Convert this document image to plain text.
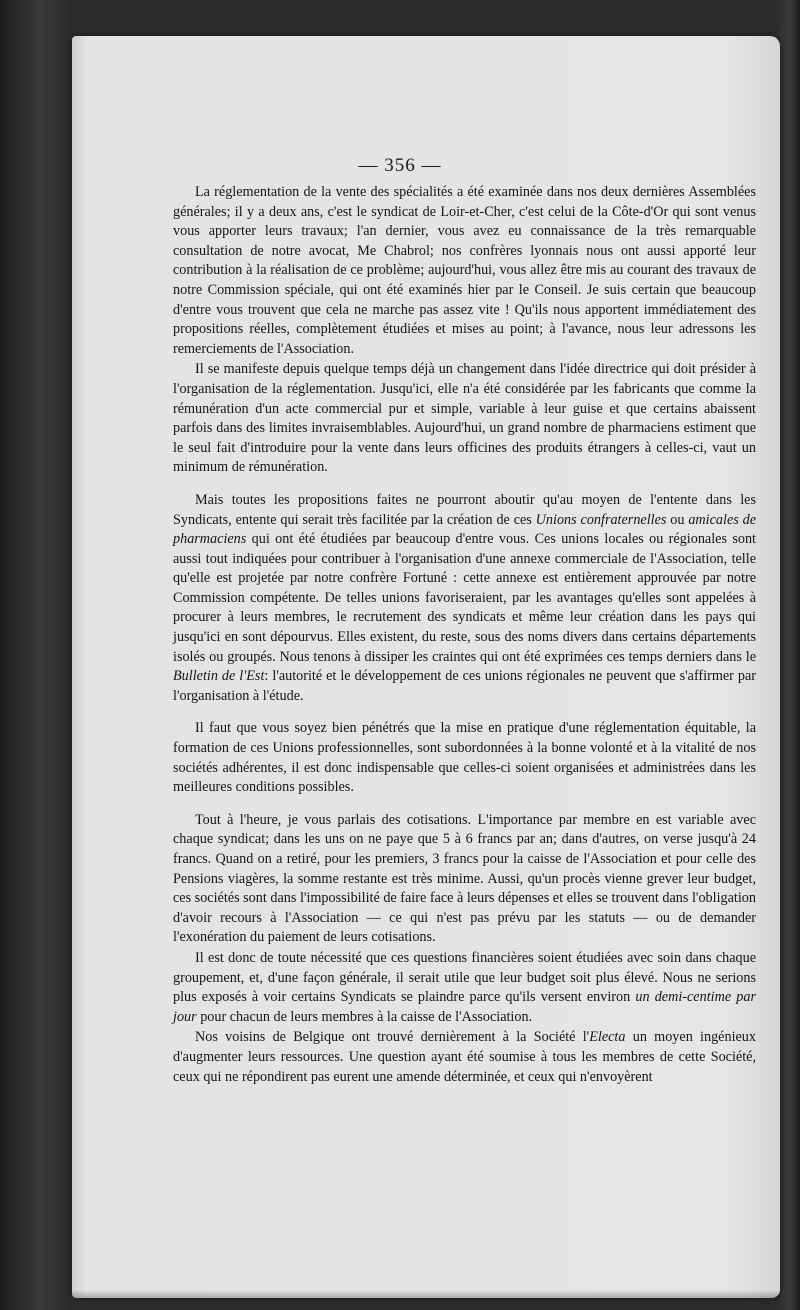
— 356 —

La réglementation de la vente des spécialités a été examinée dans nos deux dernières Assemblées générales; il y a deux ans, c'est le syndicat de Loir-et-Cher, c'est celui de la Côte-d'Or qui sont venus vous apporter leurs travaux; l'an dernier, vous avez eu connaissance de la très remarquable consultation de notre avocat, Me Chabrol; nos confrères lyonnais nous ont aussi apporté leur contribution à la réalisation de ce problème; aujourd'hui, vous allez être mis au courant des travaux de notre Commission spéciale, qui ont été examinés hier par le Conseil. Je suis certain que beaucoup d'entre vous trouvent que cela ne marche pas assez vite ! Qu'ils nous apportent immédiatement des propositions réelles, complètement étudiées et mises au point; à l'avance, nous leur adressons les remerciements de l'Association.

Il se manifeste depuis quelque temps déjà un changement dans l'idée directrice qui doit présider à l'organisation de la réglementation. Jusqu'ici, elle n'a été considérée par les fabricants que comme la rémunération d'un acte commercial pur et simple, variable à leur guise et que certains abaissent parfois dans des limites invraisemblables. Aujourd'hui, un grand nombre de pharmaciens estiment que le seul fait d'introduire pour la vente dans leurs officines des produits étrangers à celles-ci, vaut un minimum de rémunération.

Mais toutes les propositions faites ne pourront aboutir qu'au moyen de l'entente dans les Syndicats, entente qui serait très facilitée par la création de ces Unions confraternelles ou amicales de pharmaciens qui ont été étudiées par beaucoup d'entre vous. Ces unions locales ou régionales sont aussi tout indiquées pour contribuer à l'organisation d'une annexe commerciale de l'Association, telle qu'elle est projetée par notre confrère Fortuné : cette annexe est entièrement approuvée par notre Commission compétente. De telles unions favoriseraient, par les avantages qu'elles sont appelées à procurer à leurs membres, le recrutement des syndicats et même leur création dans les pays qui jusqu'ici en sont dépourvus. Elles existent, du reste, sous des noms divers dans certains départements isolés ou groupés. Nous tenons à dissiper les craintes qui ont été exprimées ces temps derniers dans le Bulletin de l'Est: l'autorité et le développement de ces unions régionales ne peuvent que s'affirmer par l'organisation à l'étude.

Il faut que vous soyez bien pénétrés que la mise en pratique d'une réglementation équitable, la formation de ces Unions professionnelles, sont subordonnées à la bonne volonté et à la vitalité de nos sociétés adhérentes, il est donc indispensable que celles-ci soient organisées et administrées dans les meilleures conditions possibles.

Tout à l'heure, je vous parlais des cotisations. L'importance par membre en est variable avec chaque syndicat; dans les uns on ne paye que 5 à 6 francs par an; dans d'autres, on verse jusqu'à 24 francs. Quand on a retiré, pour les premiers, 3 francs pour la caisse de l'Association et pour celle des Pensions viagères, la somme restante est très minime. Aussi, qu'un procès vienne grever leur budget, ces sociétés sont dans l'impossibilité de faire face à leurs dépenses et elles se trouvent dans l'obligation d'avoir recours à l'Association — ce qui n'est pas prévu par les statuts — ou de demander l'exonération du paiement de leurs cotisations.

Il est donc de toute nécessité que ces questions financières soient étudiées avec soin dans chaque groupement, et, d'une façon générale, il serait utile que leur budget soit plus élevé. Nous ne serions plus exposés à voir certains Syndicats se plaindre parce qu'ils versent environ un demi-centime par jour pour chacun de leurs membres à la caisse de l'Association.

Nos voisins de Belgique ont trouvé dernièrement à la Société l'Electa un moyen ingénieux d'augmenter leurs ressources. Une question ayant été soumise à tous les membres de cette Société, ceux qui ne répondirent pas eurent une amende déterminée, et ceux qui n'envoyèrent
